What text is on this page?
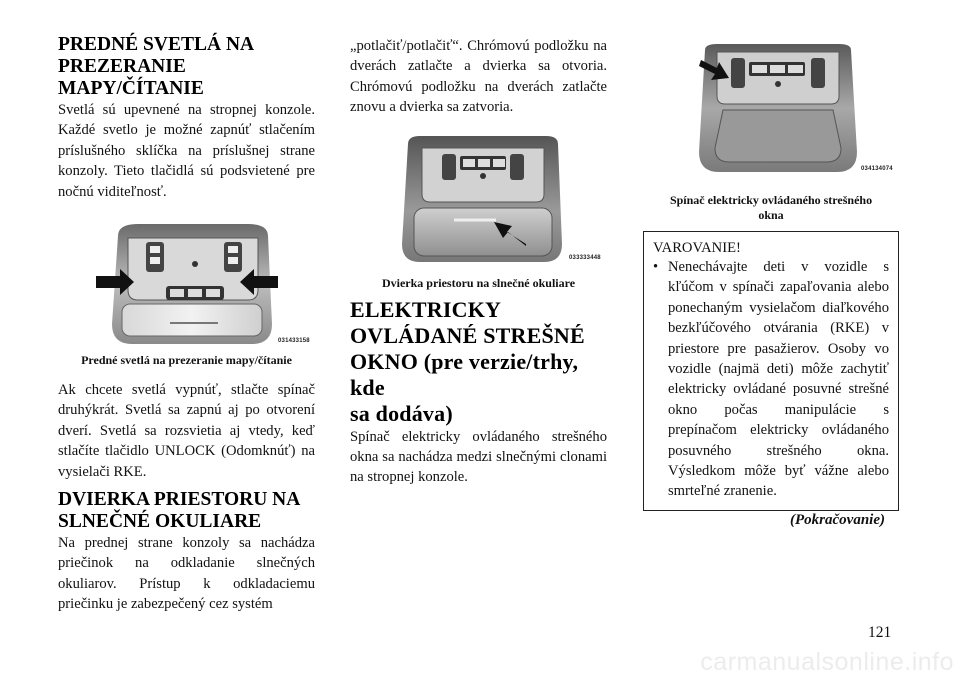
PREDNÉ SVETLÁ NA
PREZERANIE
MAPY/ČÍTANIE

Svetlá sú upevnené na stropnej konzole. Každé svetlo je možné zapnúť stlačením príslušného sklíčka na príslušnej strane konzoly. Tieto tlačidlá sú podsvietené pre nočnú viditeľnosť.

031433158

Predné svetlá na prezeranie mapy/čítanie

Ak chcete svetlá vypnúť, stlačte spínač druhýkrát. Svetlá sa zapnú aj po otvorení dverí. Svetlá sa rozsvietia aj vtedy, keď stlačíte tlačidlo UNLOCK (Odomknúť) na vysielači RKE.

DVIERKA PRIESTORU NA
SLNEČNÉ OKULIARE

Na prednej strane konzoly sa nachádza priečinok na odkladanie slnečných okuliarov. Prístup k odkladaciemu priečinku je zabezpečený cez systém

„potlačiť/potlačiť“. Chrómovú podložku na dverách zatlačte a dvierka sa otvoria. Chrómovú podložku na dverách zatlačte znovu a dvierka sa zatvoria.

033333448

Dvierka priestoru na slnečné okuliare

ELEKTRICKY
OVLÁDANÉ STREŠNÉ
OKNO (pre verzie/trhy, kde
sa dodáva)

Spínač elektricky ovládaného strešného okna sa nachádza medzi slnečnými clonami na stropnej konzole.

034134074

Spínač elektricky ovládaného strešného
okna

VAROVANIE!

• Nenechávajte deti v vozidle s kľúčom v spínači zapaľovania alebo ponechaným vysielačom diaľkového bezkľúčového otvárania (RKE) v priestore pre pasažierov. Osoby vo vozidle (najmä deti) môže zachytiť elektricky ovládané posuvné strešné okno počas manipulácie s prepínačom elektricky ovládaného posuvného strešného okna. Výsledkom môže byť vážne alebo smrteľné zranenie.

(Pokračovanie)

121
carmanualsonline.info
